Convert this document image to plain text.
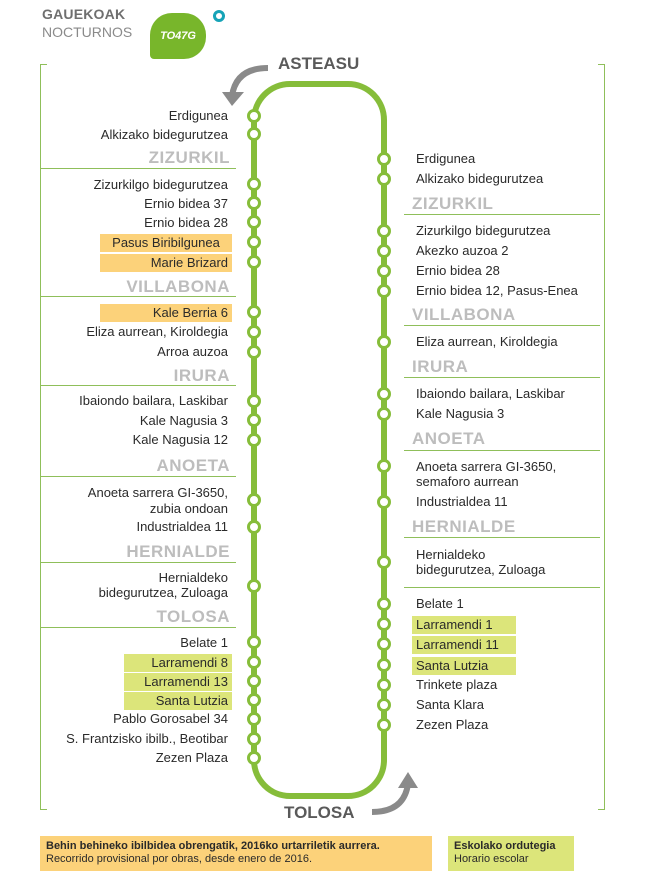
GAUEKOAK
NOCTURNOS	TO47G
ASTEASU
TOLOSA
Erdigunea
Alkizako bidegurutzea
ZIZURKIL
Zizurkilgo bidegurutzea
Ernio bidea 37
Ernio bidea 28
Pasus Biribilgunea
Marie Brizard
VILLABONA
Kale Berria 6
Eliza aurrean, Kiroldegia
Arroa auzoa
IRURA
Ibaiondo bailara, Laskibar
Kale Nagusia 3
Kale Nagusia 12
ANOETA
Anoeta sarrera GI-3650,
zubia ondoan
Industrialdea 11
HERNIALDE
Hernialdeko
bidegurutzea, Zuloaga
TOLOSA
Belate 1
Larramendi 8
Larramendi 13
Santa Lutzia
Pablo Gorosabel 34
S. Frantzisko ibilb., Beotibar
Zezen Plaza
Erdigunea
Alkizako bidegurutzea
ZIZURKIL
Zizurkilgo bidegurutzea
Akezko auzoa 2
Ernio bidea 28
Ernio bidea 12, Pasus-Enea
VILLABONA
Eliza aurrean, Kiroldegia
IRURA
Ibaiondo bailara, Laskibar
Kale Nagusia 3
ANOETA
Anoeta sarrera GI-3650,
semaforo aurrean
Industrialdea 11
HERNIALDE
Hernialdeko
bidegurutzea, Zuloaga
Belate 1
Larramendi 1
Larramendi 11
Santa Lutzia
Trinkete plaza
Santa Klara
Zezen Plaza
Behin behineko ibilbidea obrengatik, 2016ko urtarriletik aurrera.
Recorrido provisional por obras, desde enero de 2016.
Eskolako ordutegia
Horario escolar
